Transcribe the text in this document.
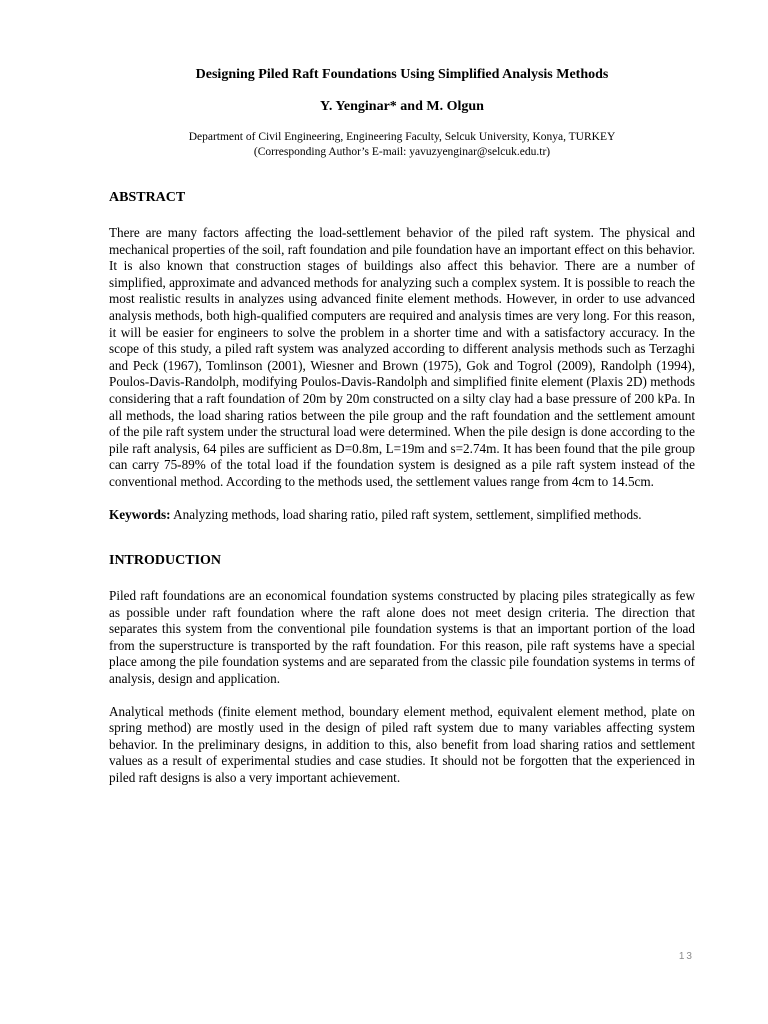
Designing Piled Raft Foundations Using Simplified Analysis Methods
Y. Yenginar* and M. Olgun
Department of Civil Engineering, Engineering Faculty, Selcuk University, Konya, TURKEY
(Corresponding Author’s E-mail: yavuzyenginar@selcuk.edu.tr)
ABSTRACT

There are many factors affecting the load-settlement behavior of the piled raft system. The physical and mechanical properties of the soil, raft foundation and pile foundation have an important effect on this behavior. It is also known that construction stages of buildings also affect this behavior. There are a number of simplified, approximate and advanced methods for analyzing such a complex system. It is possible to reach the most realistic results in analyzes using advanced finite element methods. However, in order to use advanced analysis methods, both high-qualified computers are required and analysis times are very long. For this reason, it will be easier for engineers to solve the problem in a shorter time and with a satisfactory accuracy. In the scope of this study, a piled raft system was analyzed according to different analysis methods such as Terzaghi and Peck (1967), Tomlinson (2001), Wiesner and Brown (1975), Gok and Togrol (2009), Randolph (1994), Poulos-Davis-Randolph, modifying Poulos-Davis-Randolph and simplified finite element (Plaxis 2D) methods considering that a raft foundation of 20m by 20m constructed on a silty clay had a base pressure of 200 kPa. In all methods, the load sharing ratios between the pile group and the raft foundation and the settlement amount of the pile raft system under the structural load were determined. When the pile design is done according to the pile raft analysis, 64 piles are sufficient as D=0.8m, L=19m and s=2.74m. It has been found that the pile group can carry 75-89% of the total load if the foundation system is designed as a pile raft system instead of the conventional method. According to the methods used, the settlement values range from 4cm to 14.5cm.

Keywords: Analyzing methods, load sharing ratio, piled raft system, settlement, simplified methods.

INTRODUCTION

Piled raft foundations are an economical foundation systems constructed by placing piles strategically as few as possible under raft foundation where the raft alone does not meet design criteria. The direction that separates this system from the conventional pile foundation systems is that an important portion of the load from the superstructure is transported by the raft foundation. For this reason, pile raft systems have a special place among the pile foundation systems and are separated from the classic pile foundation systems in terms of analysis, design and application.

Analytical methods (finite element method, boundary element method, equivalent element method, plate on spring method) are mostly used in the design of piled raft system due to many variables affecting system behavior. In the preliminary designs, in addition to this, also benefit from load sharing ratios and settlement values as a result of experimental studies and case studies. It should not be forgotten that the experienced in piled raft designs is also a very important achievement.

13
